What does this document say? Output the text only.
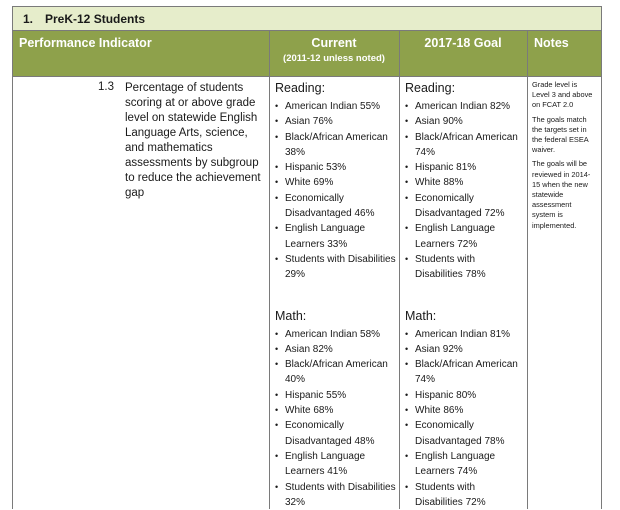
1. PreK-12 Students
Performance Indicator	Current
(2011-12 unless noted)
2017-18 Goal	Notes
1.3 Percentage of students scoring at or above grade level on statewide English Language Arts, science, and mathematics assessments by subgroup to reduce the achievement gap
Reading:
• American Indian 55%
• Asian 76%
• Black/African American 38%
• Hispanic 53%
• White 69%
• Economically Disadvantaged 46%
• English Language Learners 33%
• Students with Disabilities 29%
Math:
• American Indian 58%
• Asian 82%
• Black/African American 40%
• Hispanic 55%
• White 68%
• Economically Disadvantaged 48%
• English Language Learners 41%
• Students with Disabilities 32%
Reading:
• American Indian 82%
• Asian 90%
• Black/African American 74%
• Hispanic 81%
• White 88%
• Economically Disadvantaged 72%
• English Language Learners 72%
• Students with Disabilities 78%
Math:
• American Indian 81%
• Asian 92%
• Black/African American 74%
• Hispanic 80%
• White 86%
• Economically Disadvantaged 78%
• English Language Learners 74%
• Students with Disabilities 72%

Grade level is Level 3 and above on FCAT 2.0

The goals match the targets set in the federal ESEA waiver.

The goals will be reviewed in 2014-15 when the new statewide assessment system is implemented.
